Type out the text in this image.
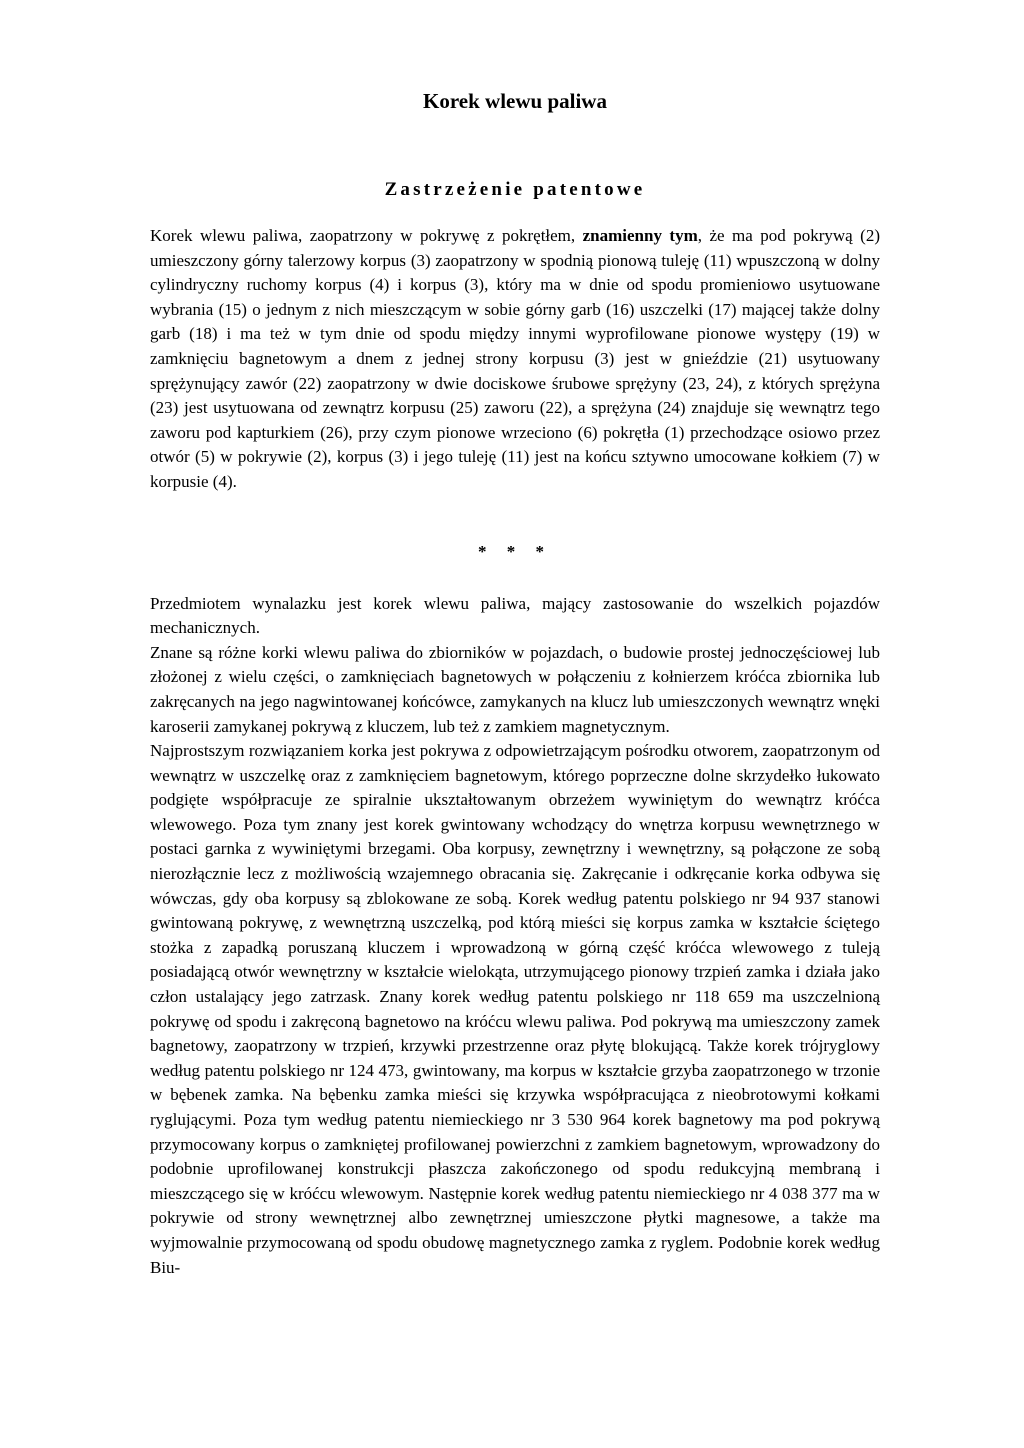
Korek wlewu paliwa
Zastrzeżenie patentowe

Korek wlewu paliwa, zaopatrzony w pokrywę z pokrętłem, znamienny tym, że ma pod pokrywą (2) umieszczony górny talerzowy korpus (3) zaopatrzony w spodnią pionową tuleję (11) wpuszczoną w dolny cylindryczny ruchomy korpus (4) i korpus (3), który ma w dnie od spodu promieniowo usytuowane wybrania (15) o jednym z nich mieszczącym w sobie górny garb (16) uszczelki (17) mającej także dolny garb (18) i ma też w tym dnie od spodu między innymi wyprofilowane pionowe występy (19) w zamknięciu bagnetowym a dnem z jednej strony korpusu (3) jest w gnieździe (21) usytuowany sprężynujący zawór (22) zaopatrzony w dwie dociskowe śrubowe sprężyny (23, 24), z których sprężyna (23) jest usytuowana od zewnątrz korpusu (25) zaworu (22), a sprężyna (24) znajduje się wewnątrz tego zaworu pod kapturkiem (26), przy czym pionowe wrzeciono (6) pokrętła (1) przechodzące osiowo przez otwór (5) w pokrywie (2), korpus (3) i jego tuleję (11) jest na końcu sztywno umocowane kołkiem (7) w korpusie (4).

* * *

Przedmiotem wynalazku jest korek wlewu paliwa, mający zastosowanie do wszelkich pojazdów mechanicznych.

Znane są różne korki wlewu paliwa do zbiorników w pojazdach, o budowie prostej jednoczęściowej lub złożonej z wielu części, o zamknięciach bagnetowych w połączeniu z kołnierzem króćca zbiornika lub zakręcanych na jego nagwintowanej końcówce, zamykanych na klucz lub umieszczonych wewnątrz wnęki karoserii zamykanej pokrywą z kluczem, lub też z zamkiem magnetycznym.

Najprostszym rozwiązaniem korka jest pokrywa z odpowietrzającym pośrodku otworem, zaopatrzonym od wewnątrz w uszczelkę oraz z zamknięciem bagnetowym, którego poprzeczne dolne skrzydełko łukowato podgięte współpracuje ze spiralnie ukształtowanym obrzeżem wywiniętym do wewnątrz króćca wlewowego. Poza tym znany jest korek gwintowany wchodzący do wnętrza korpusu wewnętrznego w postaci garnka z wywiniętymi brzegami. Oba korpusy, zewnętrzny i wewnętrzny, są połączone ze sobą nierozłącznie lecz z możliwością wzajemnego obracania się. Zakręcanie i odkręcanie korka odbywa się wówczas, gdy oba korpusy są zblokowane ze sobą. Korek według patentu polskiego nr 94 937 stanowi gwintowaną pokrywę, z wewnętrzną uszczelką, pod którą mieści się korpus zamka w kształcie ściętego stożka z zapadką poruszaną kluczem i wprowadzoną w górną część króćca wlewowego z tuleją posiadającą otwór wewnętrzny w kształcie wielokąta, utrzymującego pionowy trzpień zamka i działa jako człon ustalający jego zatrzask. Znany korek według patentu polskiego nr 118 659 ma uszczelnioną pokrywę od spodu i zakręconą bagnetowo na króćcu wlewu paliwa. Pod pokrywą ma umieszczony zamek bagnetowy, zaopatrzony w trzpień, krzywki przestrzenne oraz płytę blokującą. Także korek trójryglowy według patentu polskiego nr 124 473, gwintowany, ma korpus w kształcie grzyba zaopatrzonego w trzonie w bębenek zamka. Na bębenku zamka mieści się krzywka współpracująca z nieobrotowymi kołkami ryglującymi. Poza tym według patentu niemieckiego nr 3 530 964 korek bagnetowy ma pod pokrywą przymocowany korpus o zamkniętej profilowanej powierzchni z zamkiem bagnetowym, wprowadzony do podobnie uprofilowanej konstrukcji płaszcza zakończonego od spodu redukcyjną membraną i mieszczącego się w króćcu wlewowym. Następnie korek według patentu niemieckiego nr 4 038 377 ma w pokrywie od strony wewnętrznej albo zewnętrznej umieszczone płytki magnesowe, a także ma wyjmowalnie przymocowaną od spodu obudowę magnetycznego zamka z ryglem. Podobnie korek według Biu-
